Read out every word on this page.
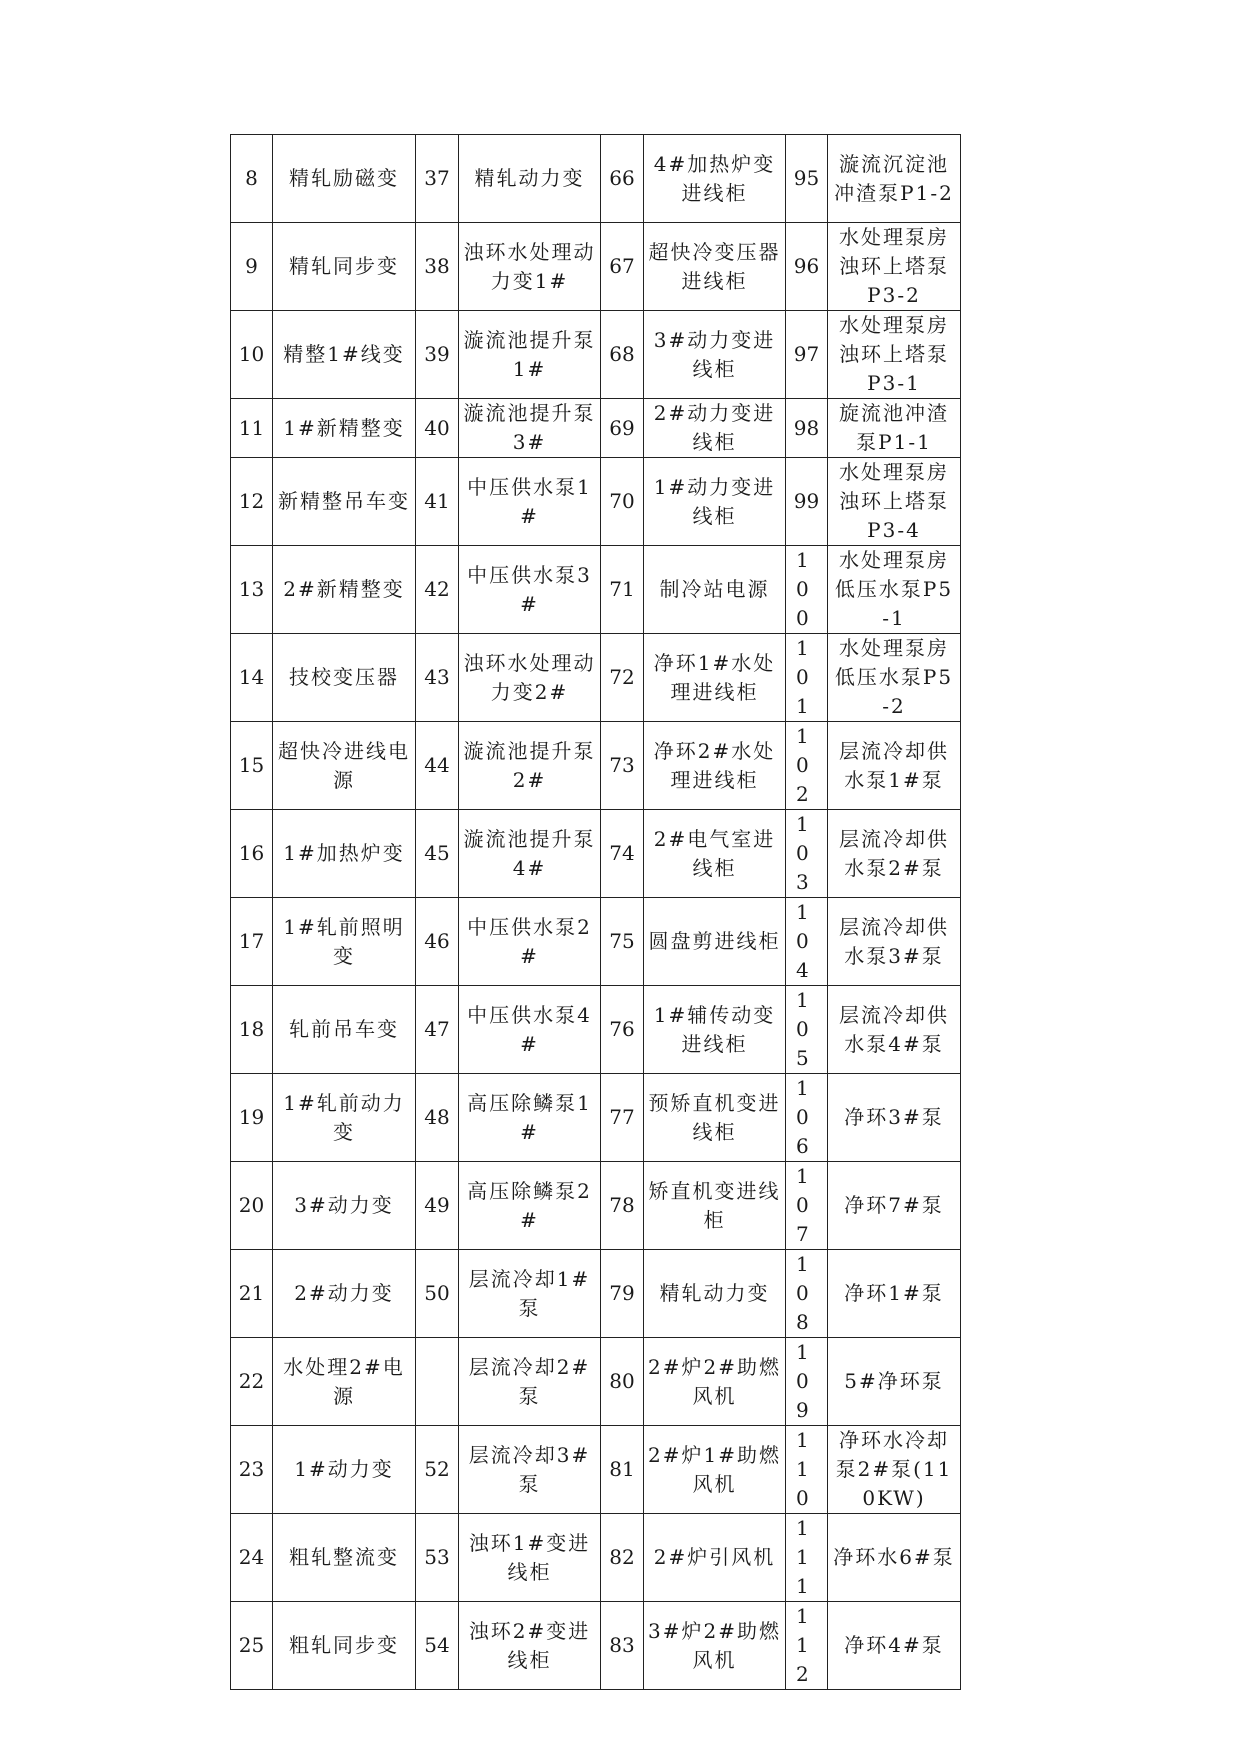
8	精轧励磁变	37	精轧动力变	66	4#加热炉变进线柜	95	漩流沉淀池冲渣泵P1-2
9	精轧同步变	38	浊环水处理动力变1#	67	超快冷变压器进线柜	96	水处理泵房浊环上塔泵P3-2
10	精整1#线变	39	漩流池提升泵1#	68	3#动力变进线柜	97	水处理泵房浊环上塔泵P3-1
11	1#新精整变	40	漩流池提升泵3#	69	2#动力变进线柜	98	旋流池冲渣泵P1-1
12	新精整吊车变	41	中压供水泵1#	70	1#动力变进线柜	99	水处理泵房浊环上塔泵P3-4
13	2#新精整变	42	中压供水泵3#	71	制冷站电源	100	水处理泵房低压水泵P5-1
14	技校变压器	43	浊环水处理动力变2#	72	净环1#水处理进线柜	101	水处理泵房低压水泵P5-2
15	超快冷进线电源	44	漩流池提升泵2#	73	净环2#水处理进线柜	102	层流冷却供水泵1#泵
16	1#加热炉变	45	漩流池提升泵4#	74	2#电气室进线柜	103	层流冷却供水泵2#泵
17	1#轧前照明变	46	中压供水泵2#	75	圆盘剪进线柜	104	层流冷却供水泵3#泵
18	轧前吊车变	47	中压供水泵4#	76	1#辅传动变进线柜	105	层流冷却供水泵4#泵
19	1#轧前动力变	48	高压除鳞泵1#	77	预矫直机变进线柜	106	净环3#泵
20	3#动力变	49	高压除鳞泵2#	78	矫直机变进线柜	107	净环7#泵
21	2#动力变	50	层流冷却1#泵	79	精轧动力变	108	净环1#泵
22	水处理2#电源		层流冷却2#泵	80	2#炉2#助燃风机	109	5#净环泵
23	1#动力变	52	层流冷却3#泵	81	2#炉1#助燃风机	110	净环水冷却泵2#泵(110KW)
24	粗轧整流变	53	浊环1#变进线柜	82	2#炉引风机	111	净环水6#泵
25	粗轧同步变	54	浊环2#变进线柜	83	3#炉2#助燃风机	112	净环4#泵
